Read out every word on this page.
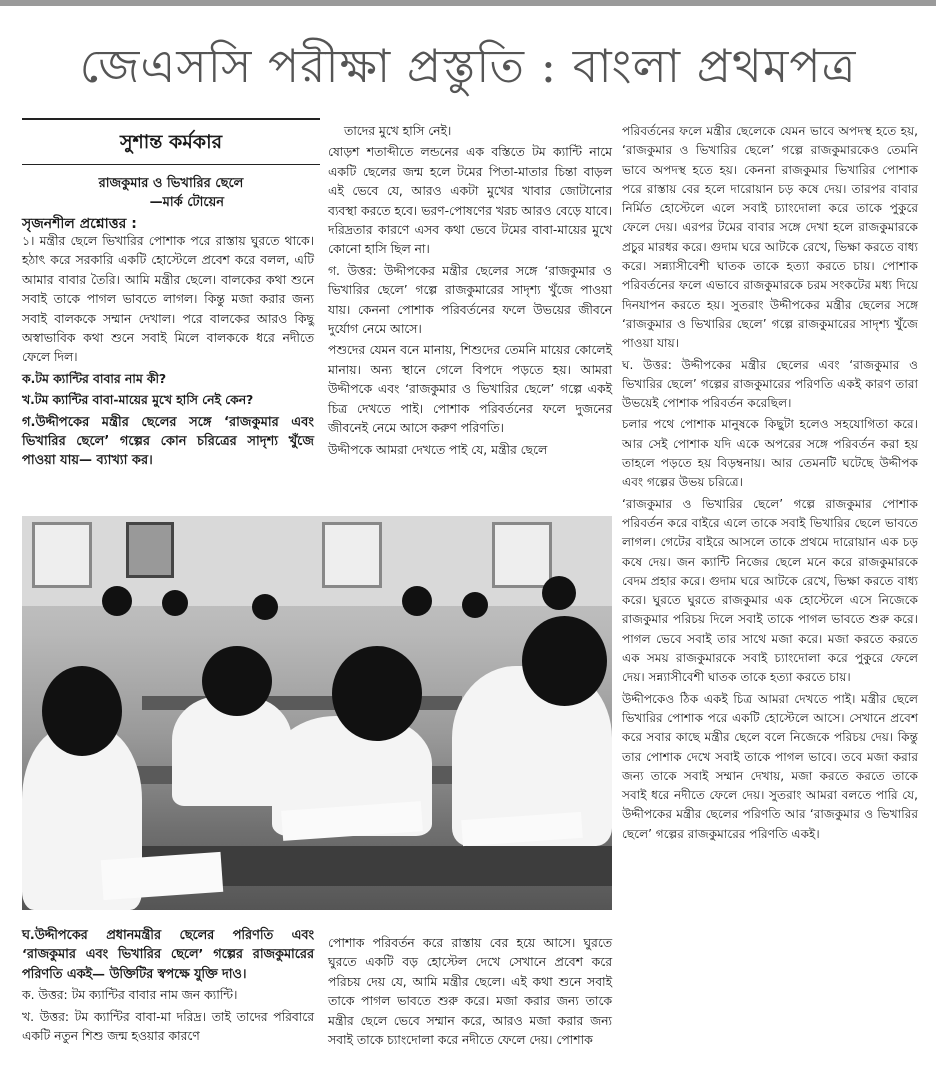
জেএসসি পরীক্ষা প্রস্তুতি : বাংলা প্রথমপত্র
সুশান্ত কর্মকার
রাজকুমার ও ভিখারির ছেলে
—মার্ক টোয়েন
সৃজনশীল প্রশ্নোত্তর :

১। মন্ত্রীর ছেলে ভিখারির পোশাক পরে রাস্তায় ঘুরতে থাকে। হঠাৎ করে সরকারি একটি হোস্টেলে প্রবেশ করে বলল, এটি আমার বাবার তৈরি। আমি মন্ত্রীর ছেলে। বালকের কথা শুনে সবাই তাকে পাগল ভাবতে লাগল। কিন্তু মজা করার জন্য সবাই বালককে সম্মান দেখাল। পরে বালকের আরও কিছু অস্বাভাবিক কথা শুনে সবাই মিলে বালককে ধরে নদীতে ফেলে দিল।

ক.টম ক্যান্টির বাবার নাম কী?

খ.টম ক্যান্টির বাবা-মায়ের মুখে হাসি নেই কেন?

গ.উদ্দীপকের মন্ত্রীর ছেলের সঙ্গে ‘রাজকুমার এবং ভিখারির ছেলে’ গল্পের কোন চরিত্রের সাদৃশ্য খুঁজে পাওয়া যায়— ব্যাখ্যা কর।

তাদের মুখে হাসি নেই।

ষোড়শ শতাব্দীতে লন্ডনের এক বস্তিতে টম ক্যান্টি নামে একটি ছেলের জন্ম হলে টমের পিতা-মাতার চিন্তা বাড়ল এই ভেবে যে, আরও একটা মুখের খাবার জোটানোর ব্যবস্থা করতে হবে। ভরণ-পোষণের খরচ আরও বেড়ে যাবে। দরিদ্রতার কারণে এসব কথা ভেবে টমের বাবা-মায়ের মুখে কোনো হাসি ছিল না।

গ. উত্তর: উদ্দীপকের মন্ত্রীর ছেলের সঙ্গে ‘রাজকুমার ও ভিখারির ছেলে’ গল্পে রাজকুমারের সাদৃশ্য খুঁজে পাওয়া যায়। কেননা পোশাক পরিবর্তনের ফলে উভয়ের জীবনে দুর্যোগ নেমে আসে।

পশুদের যেমন বনে মানায়, শিশুদের তেমনি মায়ের কোলেই মানায়। অন্য স্থানে গেলে বিপদে পড়তে হয়। আমরা উদ্দীপকে এবং ‘রাজকুমার ও ভিখারির ছেলে’ গল্পে একই চিত্র দেখতে পাই। পোশাক পরিবর্তনের ফলে দুজনের জীবনেই নেমে আসে করুণ পরিণতি।

উদ্দীপকে আমরা দেখতে পাই যে, মন্ত্রীর ছেলে

পরিবর্তনের ফলে মন্ত্রীর ছেলেকে যেমন ভাবে অপদস্থ হতে হয়, ‘রাজকুমার ও ভিখারির ছেলে’ গল্পে রাজকুমারকেও তেমনি ভাবে অপদস্থ হতে হয়। কেননা রাজকুমার ভিখারির পোশাক পরে রাস্তায় বের হলে দারোয়ান চড় কষে দেয়। তারপর বাবার নির্মিত হোস্টেলে এলে সবাই চ্যাংদোলা করে তাকে পুকুরে ফেলে দেয়। এরপর টমের বাবার সঙ্গে দেখা হলে রাজকুমারকে প্রচুর মারধর করে। গুদাম ঘরে আটকে রেখে, ভিক্ষা করতে বাধ্য করে। সন্ন্যাসীবেশী ঘাতক তাকে হত্যা করতে চায়। পোশাক পরিবর্তনের ফলে এভাবে রাজকুমারকে চরম সংকটের মধ্য দিয়ে দিনযাপন করতে হয়। সুতরাং উদ্দীপকের মন্ত্রীর ছেলের সঙ্গে ‘রাজকুমার ও ভিখারির ছেলে’ গল্পে রাজকুমারের সাদৃশ্য খুঁজে পাওয়া যায়।

ঘ. উত্তর: উদ্দীপকের মন্ত্রীর ছেলের এবং ‘রাজকুমার ও ভিখারির ছেলে’ গল্পের রাজকুমারের পরিণতি একই কারণ তারা উভয়েই পোশাক পরিবর্তন করেছিল।

চলার পথে পোশাক মানুষকে কিছুটা হলেও সহযোগিতা করে। আর সেই পোশাক যদি একে অপরের সঙ্গে পরিবর্তন করা হয় তাহলে পড়তে হয় বিড়ম্বনায়। আর তেমনটি ঘটেছে উদ্দীপক এবং গল্পের উভয় চরিত্রে।

‘রাজকুমার ও ভিখারির ছেলে’ গল্পে রাজকুমার পোশাক পরিবর্তন করে বাইরে এলে তাকে সবাই ভিখারির ছেলে ভাবতে লাগল। গেটের বাইরে আসলে তাকে প্রথমে দারোয়ান এক চড় কষে দেয়। জন ক্যান্টি নিজের ছেলে মনে করে রাজকুমারকে বেদম প্রহার করে। গুদাম ঘরে আটকে রেখে, ভিক্ষা করতে বাধ্য করে। ঘুরতে ঘুরতে রাজকুমার এক হোস্টেলে এসে নিজেকে রাজকুমার পরিচয় দিলে সবাই তাকে পাগল ভাবতে শুরু করে। পাগল ভেবে সবাই তার সাথে মজা করে। মজা করতে করতে এক সময় রাজকুমারকে সবাই চ্যাংদোলা করে পুকুরে ফেলে দেয়। সন্ন্যাসীবেশী ঘাতক তাকে হত্যা করতে চায়।

উদ্দীপকেও ঠিক একই চিত্র আমরা দেখতে পাই। মন্ত্রীর ছেলে ভিখারির পোশাক পরে একটি হোস্টেলে আসে। সেখানে প্রবেশ করে সবার কাছে মন্ত্রীর ছেলে বলে নিজেকে পরিচয় দেয়। কিন্তু তার পোশাক দেখে সবাই তাকে পাগল ভাবে। তবে মজা করার জন্য তাকে সবাই সম্মান দেখায়, মজা করতে করতে তাকে সবাই ধরে নদীতে ফেলে দেয়। সুতরাং আমরা বলতে পারি যে, উদ্দীপকের মন্ত্রীর ছেলের পরিণতি আর ‘রাজকুমার ও ভিখারির ছেলে’ গল্পের রাজকুমারের পরিণতি একই।

ঘ.উদ্দীপকের প্রধানমন্ত্রীর ছেলের পরিণতি এবং ‘রাজকুমার এবং ভিখারির ছেলে’ গল্পের রাজকুমারের পরিণতি একই— উক্তিটির স্বপক্ষে যুক্তি দাও।

ক. উত্তর: টম ক্যান্টির বাবার নাম জন ক্যান্টি।

খ. উত্তর: টম ক্যান্টির বাবা-মা দরিদ্র। তাই তাদের পরিবারে একটি নতুন শিশু জন্ম হওয়ার কারণে

পোশাক পরিবর্তন করে রাস্তায় বের হয়ে আসে। ঘুরতে ঘুরতে একটি বড় হোস্টেল দেখে সেখানে প্রবেশ করে পরিচয় দেয় যে, আমি মন্ত্রীর ছেলে। এই কথা শুনে সবাই তাকে পাগল ভাবতে শুরু করে। মজা করার জন্য তাকে মন্ত্রীর ছেলে ভেবে সম্মান করে, আরও মজা করার জন্য সবাই তাকে চ্যাংদোলা করে নদীতে ফেলে দেয়। পোশাক
